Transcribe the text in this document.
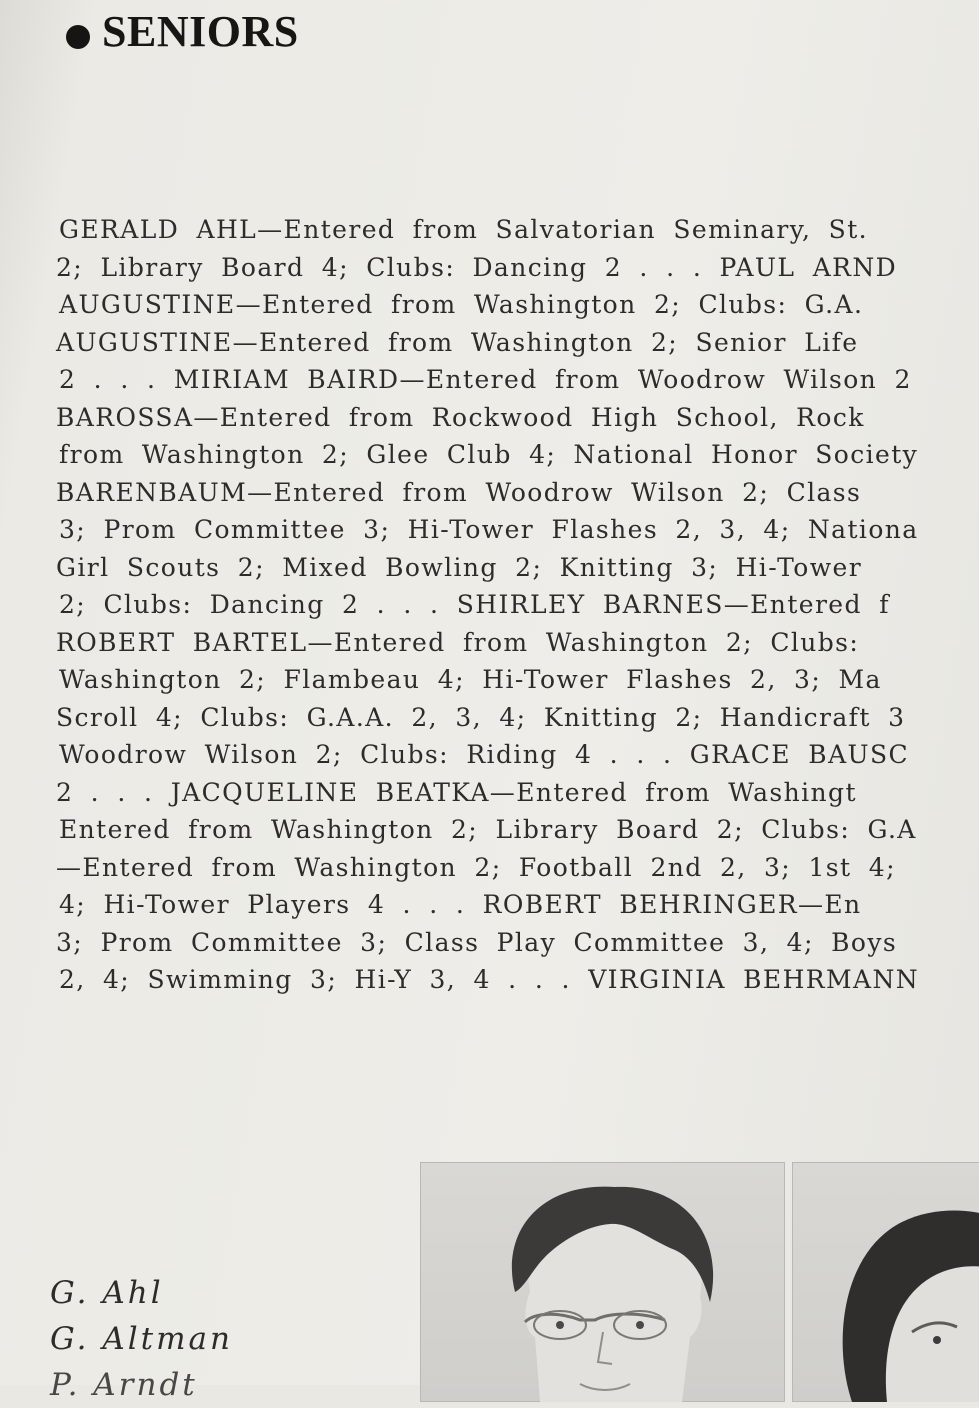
SENIORS
GERALD AHL—Entered from Salvatorian Seminary, St.
2; Library Board 4; Clubs: Dancing 2 . . . PAUL ARND
AUGUSTINE—Entered from Washington 2; Clubs: G.A.
AUGUSTINE—Entered from Washington 2; Senior Life
2 . . . MIRIAM BAIRD—Entered from Woodrow Wilson 2
BAROSSA—Entered from Rockwood High School, Rock
from Washington 2; Glee Club 4; National Honor Society
BARENBAUM—Entered from Woodrow Wilson 2; Class
3; Prom Committee 3; Hi-Tower Flashes 2, 3, 4; Nationa
Girl Scouts 2; Mixed Bowling 2; Knitting 3; Hi-Tower
2; Clubs: Dancing 2 . . . SHIRLEY BARNES—Entered f
ROBERT BARTEL—Entered from Washington 2; Clubs:
Washington 2; Flambeau 4; Hi-Tower Flashes 2, 3; Ma
Scroll 4; Clubs: G.A.A. 2, 3, 4; Knitting 2; Handicraft 3
Woodrow Wilson 2; Clubs: Riding 4 . . . GRACE BAUSC
2 . . . JACQUELINE BEATKA—Entered from Washingt
Entered from Washington 2; Library Board 2; Clubs: G.A
—Entered from Washington 2; Football 2nd 2, 3; 1st 4;
4; Hi-Tower Players 4 . . . ROBERT BEHRINGER—En
3; Prom Committee 3; Class Play Committee 3, 4; Boys
2, 4; Swimming 3; Hi-Y 3, 4 . . . VIRGINIA BEHRMANN
G. Ahl
G. Altman
P. Arndt
